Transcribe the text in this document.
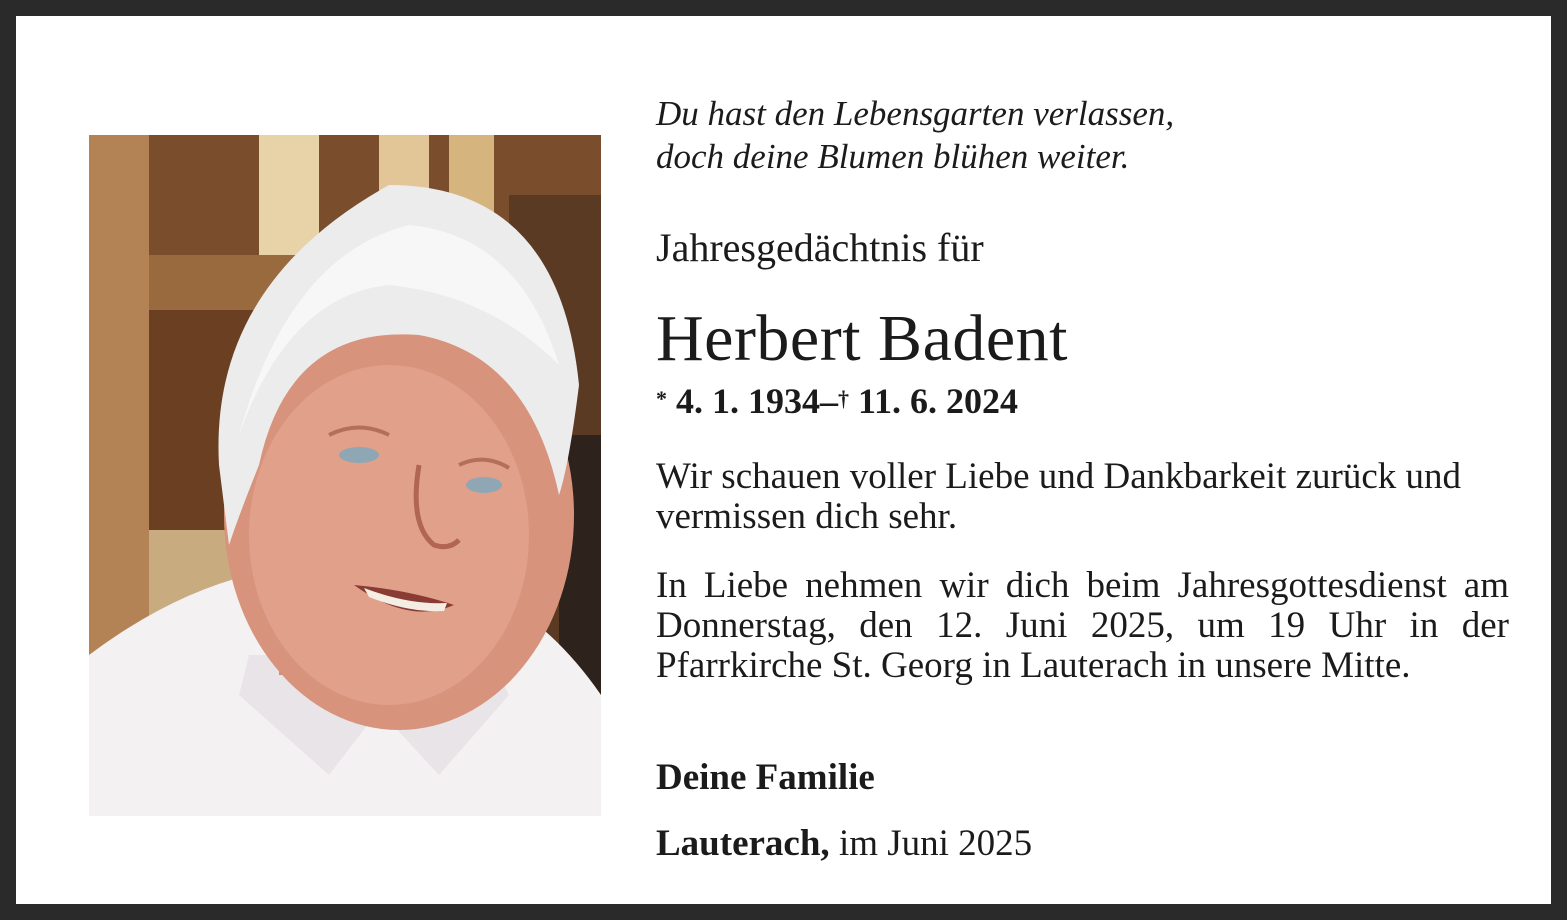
Du hast den Lebensgarten verlassen,
doch deine Blumen blühen weiter.

Jahresgedächtnis für

Herbert Badent

* 4. 1. 1934–† 11. 6. 2024

Wir schauen voller Liebe und Dankbarkeit zurück und vermissen dich sehr.

In Liebe nehmen wir dich beim Jahresgottesdienst am Donnerstag, den 12. Juni 2025, um 19 Uhr in der Pfarrkirche St. Georg in Lauterach in unsere Mitte.

Deine Familie

Lauterach, im Juni 2025
